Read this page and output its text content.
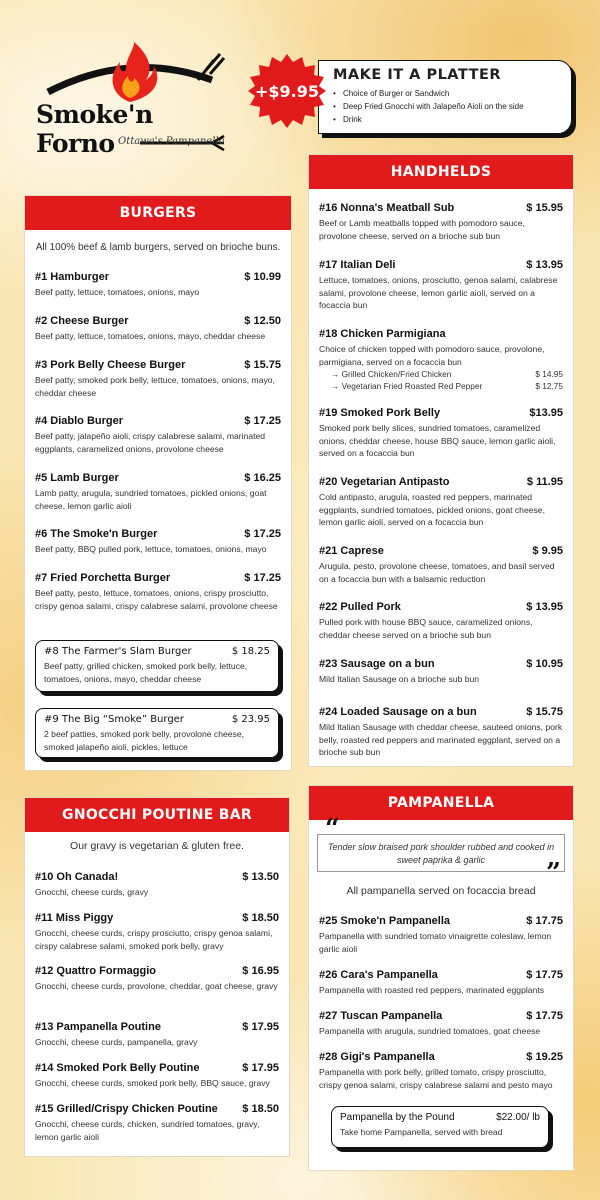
Smoke'n Forno Ottawa's Pampanella
MAKE IT A PLATTER
• Choice of Burger or Sandwich
• Deep Fried Gnocchi with Jalapeño Aioli on the side
• Drink
+$9.95
BURGERS
All 100% beef & lamb burgers, served on brioche buns.
#1 Hamburger	$ 10.99
Beef patty, lettuce, tomatoes, onions, mayo
#2 Cheese Burger	$ 12.50
Beef patty, lettuce, tomatoes, onions, mayo, cheddar cheese
#3 Pork Belly Cheese Burger	$ 15.75
Beef patty, smoked pork belly, lettuce, tomatoes, onions, mayo, cheddar cheese
#4 Diablo Burger	$ 17.25
Beef patty, jalapeño aioli, crispy calabrese salami, marinated eggplants, caramelized onions, provolone cheese
#5 Lamb Burger	$ 16.25
Lamb patty, arugula, sundried tomatoes, pickled onions, goat cheese, lemon garlic aioli
#6 The Smoke'n Burger	$ 17.25
Beef patty, BBQ pulled pork, lettuce, tomatoes, onions, mayo
#7 Fried Porchetta Burger	$ 17.25
Beef patty, pesto, lettuce, tomatoes, onions, crispy prosciutto, crispy genoa salami, crispy calabrese salami, provolone cheese
#8 The Farmer's Slam Burger	$ 18.25
Beef patty, grilled chicken, smoked pork belly, lettuce, tomatoes, onions, mayo, cheddar cheese
#9 The Big “Smoke” Burger	$ 23.95
2 beef patties, smoked pork belly, provolone cheese, smoked jalapeño aioli, pickles, lettuce
HANDHELDS
#16 Nonna's Meatball Sub	$ 15.95
Beef or Lamb meatballs topped with pomodoro sauce, provolone cheese, served on a brioche sub bun
#17 Italian Deli	$ 13.95
Lettuce, tomatoes, onions, prosciutto, genoa salami, calabrese salami, provolone cheese, lemon garlic aioli, served on a focaccia bun
#18 Chicken Parmigiana
Choice of chicken topped with pomodoro sauce, provolone, parmigiana, served on a focaccia bun
→ Grilled Chicken/Fried Chicken	$ 14.95
→ Vegetarian Fried Roasted Red Pepper	$ 12.75
#19 Smoked Pork Belly	$13.95
Smoked pork belly slices, sundried tomatoes, caramelized onions, cheddar cheese, house BBQ sauce, lemon garlic aioli, served on a focaccia bun
#20 Vegetarian Antipasto	$ 11.95
Cold antipasto, arugula, roasted red peppers, marinated eggplants, sundried tomatoes, pickled onions, goat cheese, lemon garlic aioli, served on a focaccia bun
#21 Caprese	$ 9.95
Arugula, pesto, provolone cheese, tomatoes, and basil served on a focaccia bun with a balsamic reduction
#22 Pulled Pork	$ 13.95
Pulled pork with house BBQ sauce, caramelized onions, cheddar cheese served on a brioche sub bun
#23 Sausage on a bun	$ 10.95
Mild Italian Sausage on a brioche sub bun
#24 Loaded Sausage on a bun	$ 15.75
Mild Italian Sausage with cheddar cheese, sauteed onions, pork belly, roasted red peppers and marinated eggplant, served on a brioche sub bun
GNOCCHI POUTINE BAR
Our gravy is vegetarian & gluten free.
#10 Oh Canada!	$ 13.50
Gnocchi, cheese curds, gravy
#11 Miss Piggy	$ 18.50
Gnocchi, cheese curds, crispy prosciutto, crispy genoa salami, cirspy calabrese salami, smoked pork belly, gravy
#12 Quattro Formaggio	$ 16.95
Gnocchi, cheese curds, provolone, cheddar, goat cheese, gravy
#13 Pampanella Poutine	$ 17.95
Gnocchi, cheese curds, pampanella, gravy
#14 Smoked Pork Belly Poutine	$ 17.95
Gnocchi, cheese curds, smoked pork belly, BBQ sauce, gravy
#15 Grilled/Crispy Chicken Poutine	$ 18.50
Gnocchi, cheese curds, chicken, sundried tomatoes, gravy, lemon garlic aioli
PAMPANELLA
Tender slow braised pork shoulder rubbed and cooked in sweet paprika & garlic
“
”
All pampanella served on focaccia bread
#25 Smoke'n Pampanella	$ 17.75
Pampanella with sundried tomato vinaigrette coleslaw, lemon garlic aioli
#26 Cara's Pampanella	$ 17.75
Pampanella with roasted red peppers, marinated eggplants
#27 Tuscan Pampanella	$ 17.75
Pampanella with arugula, sundried tomatoes, goat cheese
#28 Gigi's Pampanella	$ 19.25
Pampanella with pork belly, grilled tomato, crispy prosciutto, crispy genoa salami, crispy calabrese salami and pesto mayo
Pampanella by the Pound	$22.00/ lb
Take home Pampanella, served with bread
